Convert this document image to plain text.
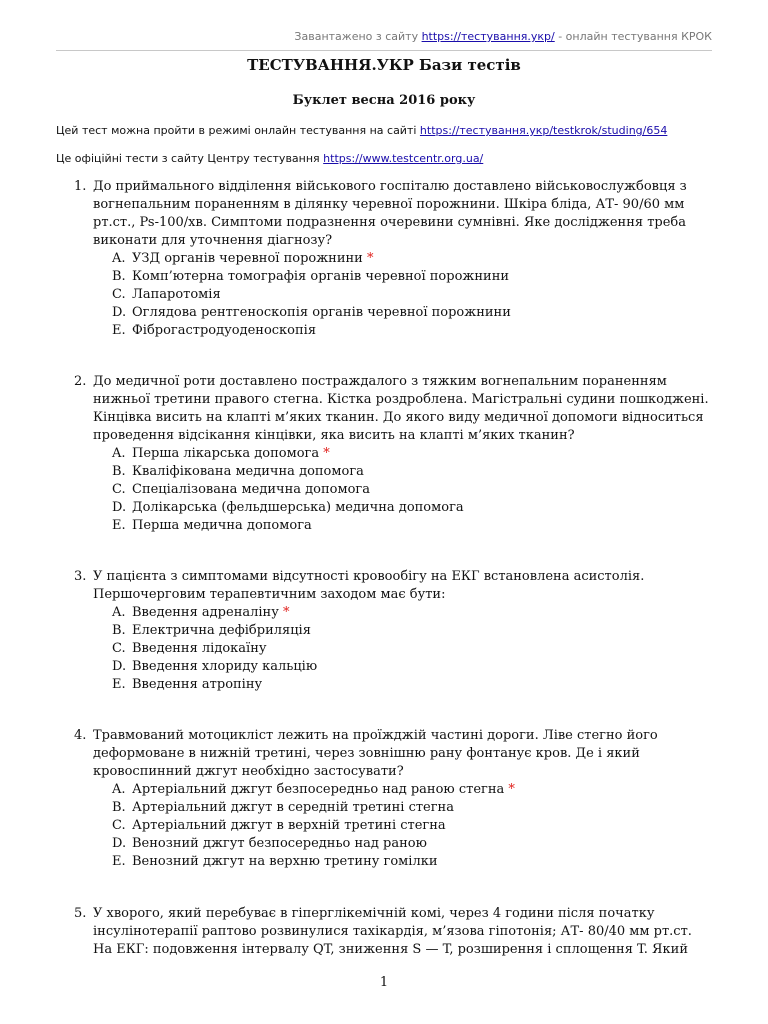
Завантажено з сайту https://тестування.укр/ - онлайн тестування КРОК
ТЕСТУВАННЯ.УКР Бази тестів
Буклет весна 2016 року
Цей тест можна пройти в режимі онлайн тестування на сайті https://тестування.укр/testkrok/studing/654
Це офіційні тести з сайту Центру тестування https://www.testcentr.org.ua/
1. До приймального відділення військового госпіталю доставлено військовослужбовця з вогнепальним пораненням в ділянку черевної порожнини. Шкіра бліда, АТ- 90/60 мм рт.ст., Ps-100/хв. Симптоми подразнення очеревини сумнівні. Яке дослідження треба виконати для уточнення діагнозу?
A. УЗД органів черевної порожнини *
B. Комп’ютерна томографія органів черевної порожнини
C. Лапаротомія
D. Оглядова рентгеноскопія органів черевної порожнини
E. Фіброгастродуоденоскопія
2. До медичної роти доставлено постраждалого з тяжким вогнепальним пораненням нижньої третини правого стегна. Кістка роздроблена. Магістральні судини пошкоджені. Кінцівка висить на клапті м’яких тканин. До якого виду медичної допомоги відноситься проведення відсікання кінцівки, яка висить на клапті м’яких тканин?
A. Перша лікарська допомога *
B. Кваліфікована медична допомога
C. Спеціалізована медична допомога
D. Долікарська (фельдшерська) медична допомога
E. Перша медична допомога
3. У пацієнта з симптомами відсутності кровообігу на ЕКГ встановлена асистолія. Першочерговим терапевтичним заходом має бути:
A. Введення адреналіну *
B. Електрична дефібриляція
C. Введення лідокаїну
D. Введення хлориду кальцію
E. Введення атропіну
4. Травмований мотоцикліст лежить на проїжджій частині дороги. Ліве стегно його деформоване в нижній третині, через зовнішню рану фонтанує кров. Де і який кровоспинний джгут необхідно застосувати?
A. Артеріальний джгут безпосередньо над раною стегна *
B. Артеріальний джгут в середній третині стегна
C. Артеріальний джгут в верхній третині стегна
D. Венозний джгут безпосередньо над раною
E. Венозний джгут на верхню третину гомілки
5. У хворого, який перебуває в гіперглікемічній комі, через 4 години після початку інсулінотерапії раптово розвинулися тахікардія, м’язова гіпотонія; АТ- 80/40 мм рт.ст. На ЕКГ: подовження інтервалу QT, зниження S — T, розширення і сплощення T. Який
1
